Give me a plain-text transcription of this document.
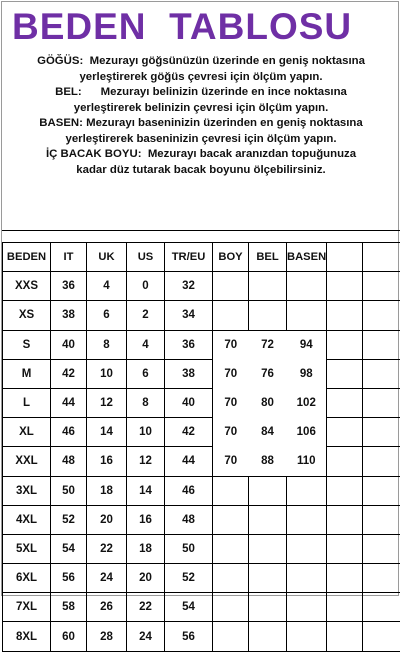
BEDEN  TABLOSU
GÖĞÜS:  Mezurayı göğsünüzün üzerinde en geniş noktasına
yerleştirerek göğüs çevresi için ölçüm yapın.
BEL:      Mezurayı belinizin üzerinde en ince noktasına
yerleştirerek belinizin çevresi için ölçüm yapın.
BASEN: Mezurayı baseninizin üzerinden en geniş noktasına
yerleştirerek baseninizin çevresi için ölçüm yapın.
İÇ BACAK BOYU:  Mezurayı bacak aranızdan topuğunuza
kadar düz tutarak bacak boyunu ölçebilirsiniz.
BEDEN	IT	UK	US	TR/EU	BOY	BEL	BASEN		
XXS	36	4	0	32					
XS	38	6	2	34					
S	40	8	4	36	70	72	94		
M	42	10	6	38	70	76	98		
L	44	12	8	40	70	80	102		
XL	46	14	10	42	70	84	106		
XXL	48	16	12	44	70	88	110		
3XL	50	18	14	46					
4XL	52	20	16	48					
5XL	54	22	18	50					
6XL	56	24	20	52					
7XL	58	26	22	54					
8XL	60	28	24	56					
